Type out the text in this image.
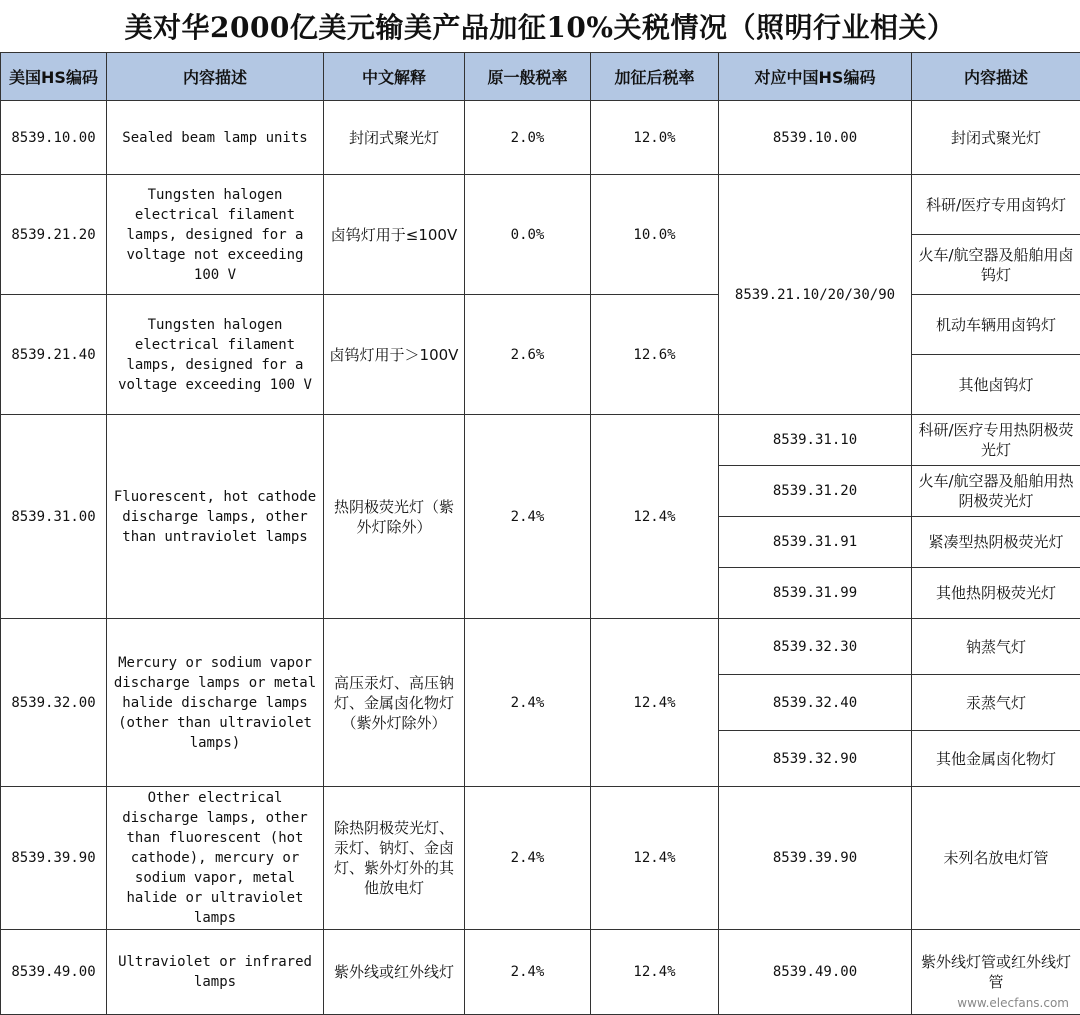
美对华2000亿美元输美产品加征10%关税情况（照明行业相关）
美国HS编码	内容描述	中文解释	原一般税率	加征后税率	对应中国HS编码	内容描述
8539.10.00	Sealed beam lamp units	封闭式聚光灯	2.0%	12.0%	8539.10.00	封闭式聚光灯
8539.21.20	Tungsten halogen electrical filament lamps, designed for a voltage not exceeding 100 V	卤钨灯用于≤100V	0.0%	10.0%	8539.21.10/20/30/90	科研/医疗专用卤钨灯
						火车/航空器及船舶用卤钨灯
8539.21.40	Tungsten halogen electrical filament lamps, designed for a voltage exceeding 100 V	卤钨灯用于＞100V	2.6%	12.6%		机动车辆用卤钨灯
						其他卤钨灯
8539.31.00	Fluorescent, hot cathode discharge lamps, other than untraviolet lamps	热阴极荧光灯（紫外灯除外）	2.4%	12.4%	8539.31.10	科研/医疗专用热阴极荧光灯
					8539.31.20	火车/航空器及船舶用热阴极荧光灯
					8539.31.91	紧凑型热阴极荧光灯
					8539.31.99	其他热阴极荧光灯
8539.32.00	Mercury or sodium vapor discharge lamps or metal halide discharge lamps (other than ultraviolet lamps)	高压汞灯、高压钠灯、金属卤化物灯（紫外灯除外）	2.4%	12.4%	8539.32.30	钠蒸气灯
					8539.32.40	汞蒸气灯
					8539.32.90	其他金属卤化物灯
8539.39.90	Other electrical discharge lamps, other than fluorescent (hot cathode), mercury or sodium vapor, metal halide or ultraviolet lamps	除热阴极荧光灯、汞灯、钠灯、金卤灯、紫外灯外的其他放电灯	2.4%	12.4%	8539.39.90	未列名放电灯管
8539.49.00	Ultraviolet or infrared lamps	紫外线或红外线灯	2.4%	12.4%	8539.49.00	紫外线灯管或红外线灯管
www.elecfans.com
